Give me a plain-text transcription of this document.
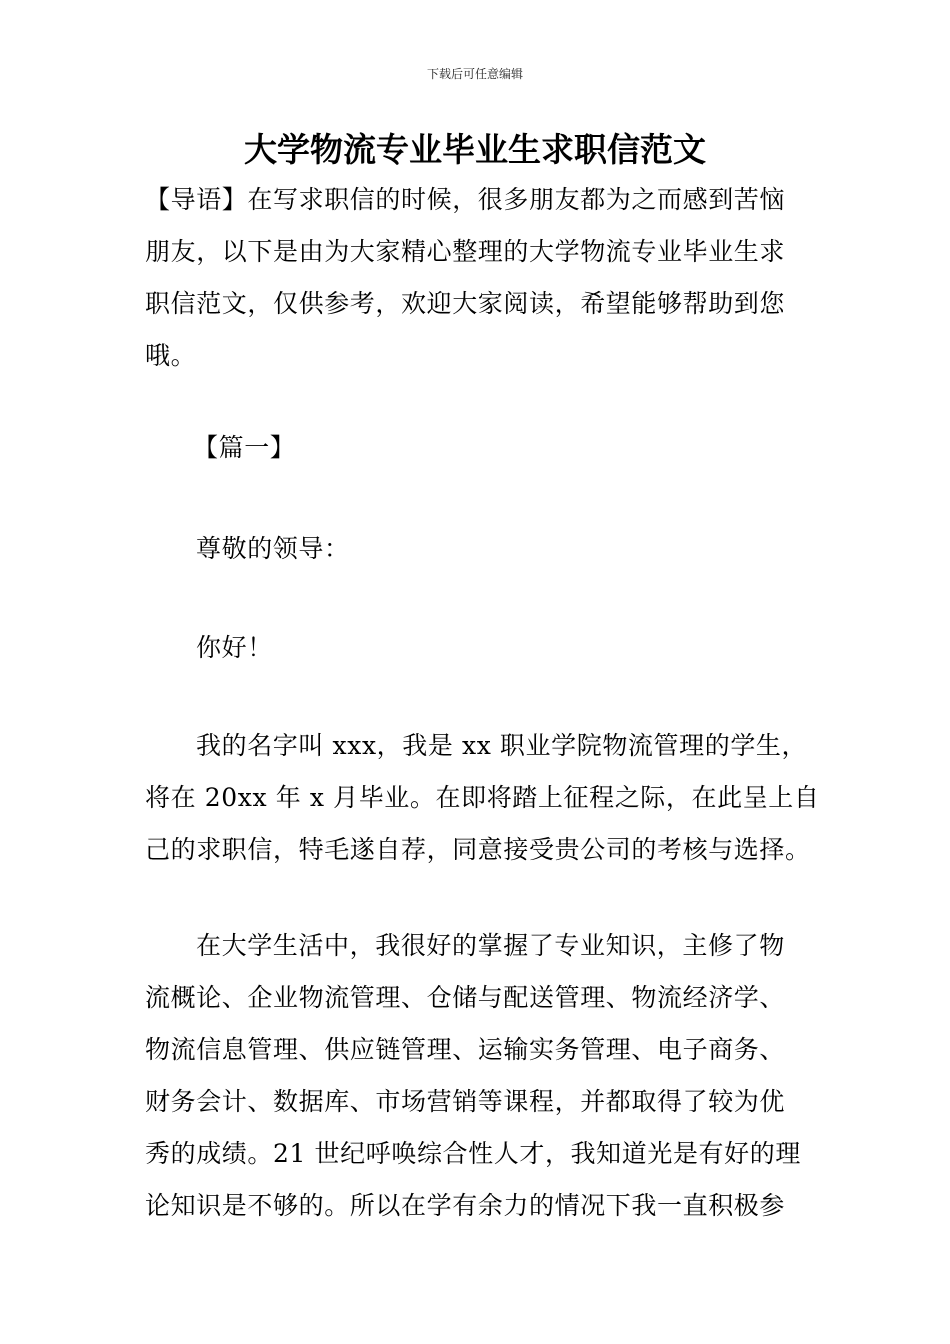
下载后可任意编辑
大学物流专业毕业生求职信范文
【导语】在写求职信的时候，很多朋友都为之而感到苦恼
朋友，以下是由为大家精心整理的大学物流专业毕业生求
职信范文，仅供参考，欢迎大家阅读，希望能够帮助到您
哦。
【篇一】
尊敬的领导：
你好！
我的名字叫 xxx，我是 xx 职业学院物流管理的学生，
将在 20xx 年 x 月毕业。在即将踏上征程之际，在此呈上自
己的求职信，特毛遂自荐，同意接受贵公司的考核与选择。
在大学生活中，我很好的掌握了专业知识，主修了物
流概论、企业物流管理、仓储与配送管理、物流经济学、
物流信息管理、供应链管理、运输实务管理、电子商务、
财务会计、数据库、市场营销等课程，并都取得了较为优
秀的成绩。21 世纪呼唤综合性人才，我知道光是有好的理
论知识是不够的。所以在学有余力的情况下我一直积极参
